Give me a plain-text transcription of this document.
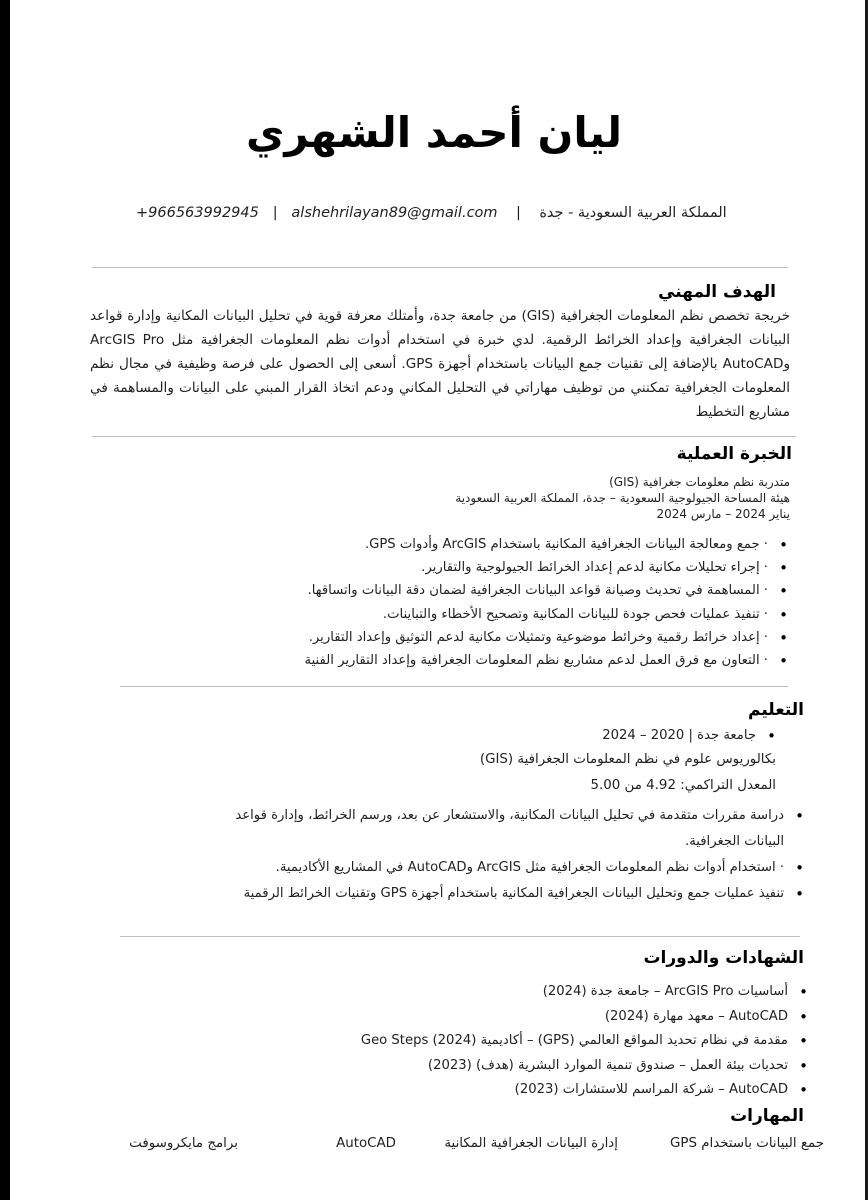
ليان أحمد الشهري
+966563992945 | alshehrilayan89@gmail.com | المملكة العربية السعودية - جدة
الهدف المهني
خريجة تخصص نظم المعلومات الجغرافية (GIS) من جامعة جدة، وأمتلك معرفة قوية في تحليل البيانات المكانية وإدارة قواعد البيانات الجغرافية وإعداد الخرائط الرقمية. لدي خبرة في استخدام أدوات نظم المعلومات الجغرافية مثل ArcGIS Pro وAutoCAD بالإضافة إلى تقنيات جمع البيانات باستخدام أجهزة GPS. أسعى إلى الحصول على فرصة وظيفية في مجال نظم المعلومات الجغرافية تمكنني من توظيف مهاراتي في التحليل المكاني ودعم اتخاذ القرار المبني على البيانات والمساهمة في مشاريع التخطيط
الخبرة العملية
متدربة نظم معلومات جغرافية (GIS)
هيئة المساحة الجيولوجية السعودية – جدة، المملكة العربية السعودية
يناير 2024 – مارس 2024
•
· جمع ومعالجة البيانات الجغرافية المكانية باستخدام ArcGIS وأدوات GPS.
•
· إجراء تحليلات مكانية لدعم إعداد الخرائط الجيولوجية والتقارير.
•
· المساهمة في تحديث وصيانة قواعد البيانات الجغرافية لضمان دقة البيانات واتساقها.
•
· تنفيذ عمليات فحص جودة للبيانات المكانية وتصحيح الأخطاء والتباينات.
•
· إعداد خرائط رقمية وخرائط موضوعية وتمثيلات مكانية لدعم التوثيق وإعداد التقارير.
•
· التعاون مع فرق العمل لدعم مشاريع نظم المعلومات الجغرافية وإعداد التقارير الفنية
التعليم
•
جامعة جدة | 2020 – 2024
بكالوريوس علوم في نظم المعلومات الجغرافية (GIS)
المعدل التراكمي: 4.92 من 5.00
•
دراسة مقررات متقدمة في تحليل البيانات المكانية، والاستشعار عن بعد، ورسم الخرائط، وإدارة قواعد
البيانات الجغرافية.
•
· استخدام أدوات نظم المعلومات الجغرافية مثل ArcGIS وAutoCAD في المشاريع الأكاديمية.
•
تنفيذ عمليات جمع وتحليل البيانات الجغرافية المكانية باستخدام أجهزة GPS وتقنيات الخرائط الرقمية
الشهادات والدورات
•
أساسيات ArcGIS Pro – جامعة جدة (2024)
•
AutoCAD – معهد مهارة (2024)
•
مقدمة في نظام تحديد المواقع العالمي (GPS) – أكاديمية Geo Steps (2024)
•
تحديات بيئة العمل – صندوق تنمية الموارد البشرية (هدف) (2023)
•
AutoCAD – شركة المراسم للاستشارات (2023)
المهارات
جمع البيانات باستخدام GPS
إدارة البيانات الجغرافية المكانية
AutoCAD
برامج مايكروسوفت
